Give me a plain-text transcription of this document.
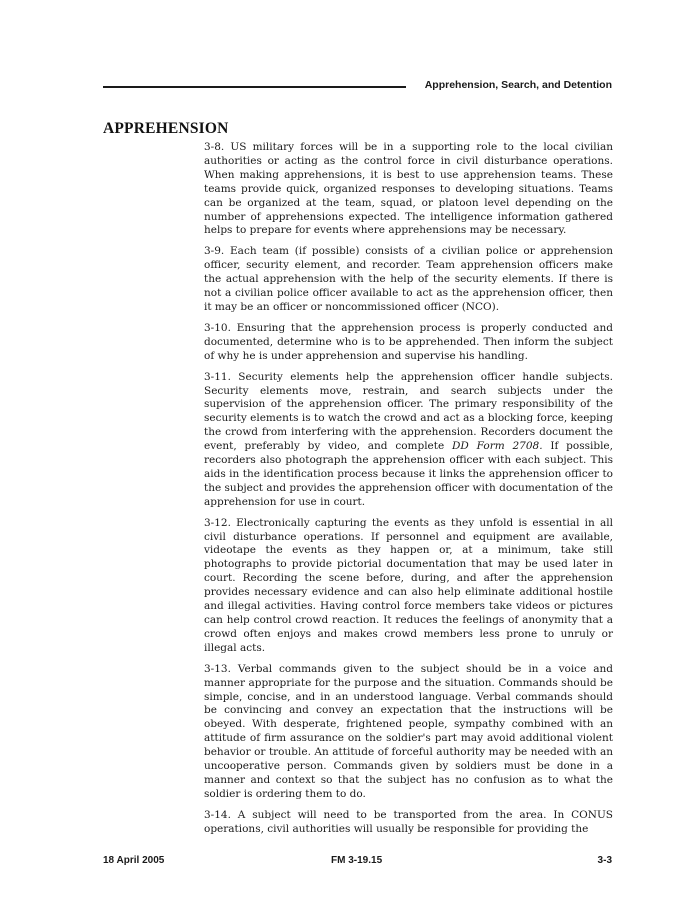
Apprehension, Search, and Detention
APPREHENSION

3-8. US military forces will be in a supporting role to the local civilian authorities or acting as the control force in civil disturbance operations. When making apprehensions, it is best to use apprehension teams. These teams provide quick, organized responses to developing situations. Teams can be organized at the team, squad, or platoon level depending on the number of apprehensions expected. The intelligence information gathered helps to prepare for events where apprehensions may be necessary.

3-9. Each team (if possible) consists of a civilian police or apprehension officer, security element, and recorder. Team apprehension officers make the actual apprehension with the help of the security elements. If there is not a civilian police officer available to act as the apprehension officer, then it may be an officer or noncommissioned officer (NCO).

3-10. Ensuring that the apprehension process is properly conducted and documented, determine who is to be apprehended. Then inform the subject of why he is under apprehension and supervise his handling.

3-11. Security elements help the apprehension officer handle subjects. Security elements move, restrain, and search subjects under the supervision of the apprehension officer. The primary responsibility of the security elements is to watch the crowd and act as a blocking force, keeping the crowd from interfering with the apprehension. Recorders document the event, preferably by video, and complete DD Form 2708. If possible, recorders also photograph the apprehension officer with each subject. This aids in the identification process because it links the apprehension officer to the subject and provides the apprehension officer with documentation of the apprehension for use in court.

3-12. Electronically capturing the events as they unfold is essential in all civil disturbance operations. If personnel and equipment are available, videotape the events as they happen or, at a minimum, take still photographs to provide pictorial documentation that may be used later in court. Recording the scene before, during, and after the apprehension provides necessary evidence and can also help eliminate additional hostile and illegal activities. Having control force members take videos or pictures can help control crowd reaction. It reduces the feelings of anonymity that a crowd often enjoys and makes crowd members less prone to unruly or illegal acts.

3-13. Verbal commands given to the subject should be in a voice and manner appropriate for the purpose and the situation. Commands should be simple, concise, and in an understood language. Verbal commands should be convincing and convey an expectation that the instructions will be obeyed. With desperate, frightened people, sympathy combined with an attitude of firm assurance on the soldier's part may avoid additional violent behavior or trouble. An attitude of forceful authority may be needed with an uncooperative person. Commands given by soldiers must be done in a manner and context so that the subject has no confusion as to what the soldier is ordering them to do.

3-14. A subject will need to be transported from the area. In CONUS operations, civil authorities will usually be responsible for providing the

18 April 2005	FM 3-19.15	3-3
